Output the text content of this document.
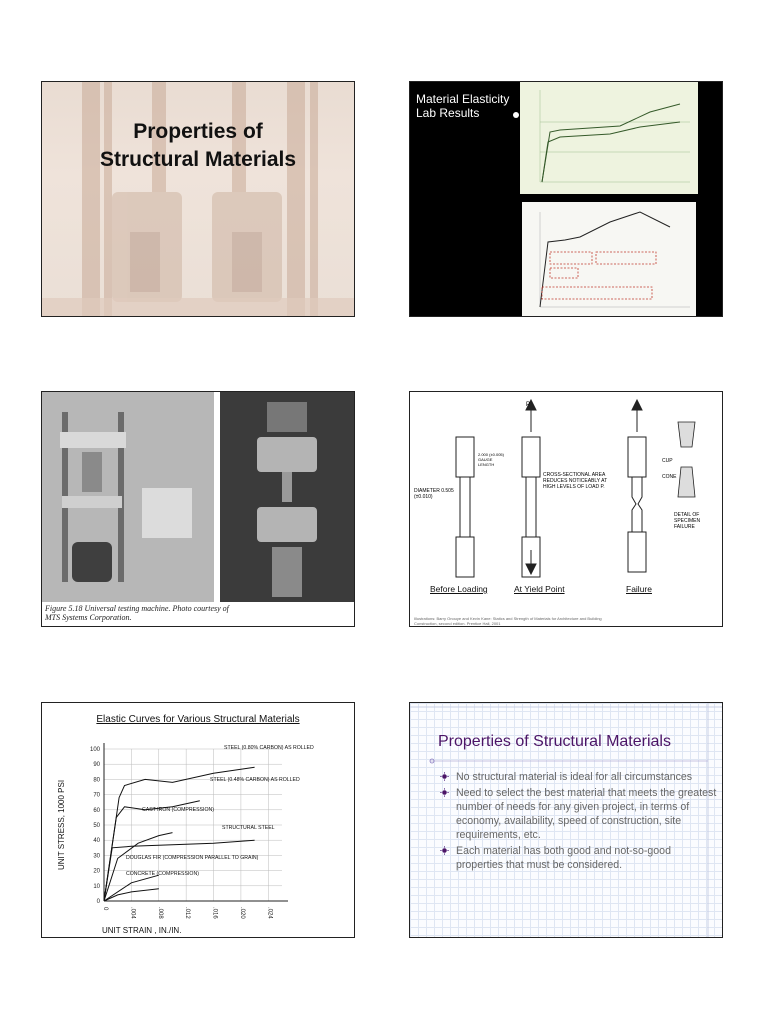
Properties of
Structural Materials
Material Elasticity Lab Results
Figure 5.18 Universal testing machine. Photo courtesy of MTS Systems Corporation.
Before Loading	At Yield Point	Failure
P
DIAMETER 0.505 (±0.010)
2.000 (±0.005) GAUGE LENGTH
CROSS-SECTIONAL AREA REDUCES NOTICEABLY AT HIGH LEVELS OF LOAD P.
CUP
CONE
DETAIL OF SPECIMEN FAILURE
Illustrations: Barry Onouye and Kevin Kane: Statics and Strength of Materials for Architecture and Building Construction, second edition. Prentice Hall, 2001
Elastic Curves for Various Structural Materials
0
10
20
30
40
50
60
70
80
90
100
0	.004	.008	.012	.016	.020	.024
STEEL (0.80% CARBON) AS ROLLED
STEEL (0.48% CARBON) AS ROLLED
CAST IRON (COMPRESSION)
STRUCTURAL STEEL
DOUGLAS FIR (COMPRESSION PARALLEL TO GRAIN)
CONCRETE (COMPRESSION)
UNIT STRESS, 1000 PSI
UNIT STRAIN , IN./IN.
Properties of Structural Materials
No structural material is ideal for all circumstances
Need to select the best material that meets the greatest number of needs for any given project, in terms of economy, availability, speed of construction, site requirements, etc.
Each material has both good and not-so-good properties that must be considered.
